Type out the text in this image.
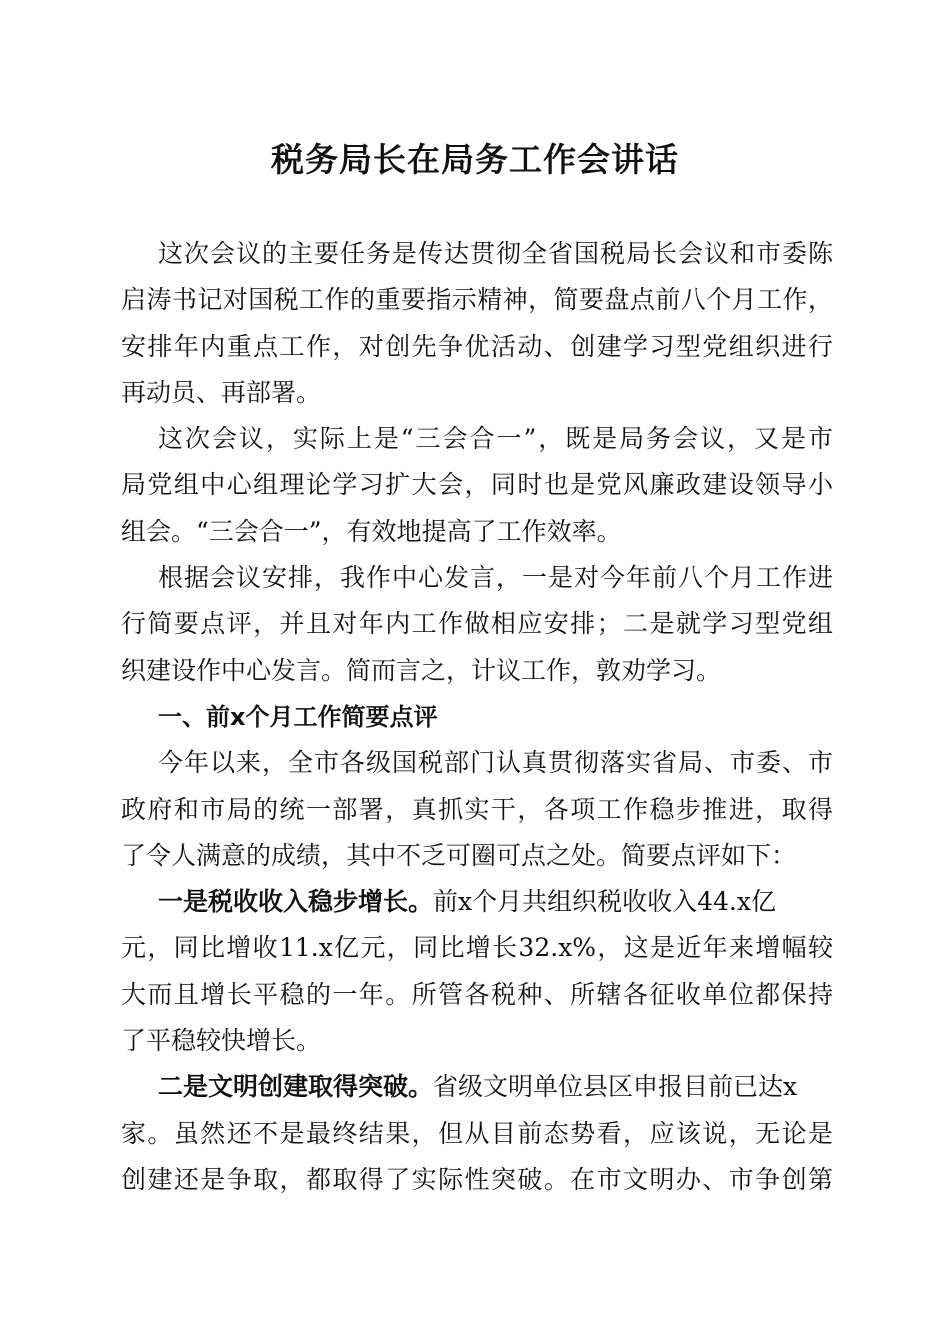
税务局长在局务工作会讲话
这次会议的主要任务是传达贯彻全省国税局长会议和市委陈
启涛书记对国税工作的重要指示精神，简要盘点前八个月工作，
安排年内重点工作，对创先争优活动、创建学习型党组织进行
再动员、再部署。
这次会议，实际上是“三会合一”，既是局务会议，又是市
局党组中心组理论学习扩大会，同时也是党风廉政建设领导小
组会。“三会合一”，有效地提高了工作效率。
根据会议安排，我作中心发言，一是对今年前八个月工作进
行简要点评，并且对年内工作做相应安排；二是就学习型党组
织建设作中心发言。简而言之，计议工作，敦劝学习。
一、前x个月工作简要点评
今年以来，全市各级国税部门认真贯彻落实省局、市委、市
政府和市局的统一部署，真抓实干，各项工作稳步推进，取得
了令人满意的成绩，其中不乏可圈可点之处。简要点评如下：
一是税收收入稳步增长。前x个月共组织税收收入44.x亿
元，同比增收11.x亿元，同比增长32.x%，这是近年来增幅较
大而且增长平稳的一年。所管各税种、所辖各征收单位都保持
了平稳较快增长。
二是文明创建取得突破。省级文明单位县区申报目前已达x
家。虽然还不是最终结果，但从目前态势看，应该说，无论是
创建还是争取，都取得了实际性突破。在市文明办、市争创第
